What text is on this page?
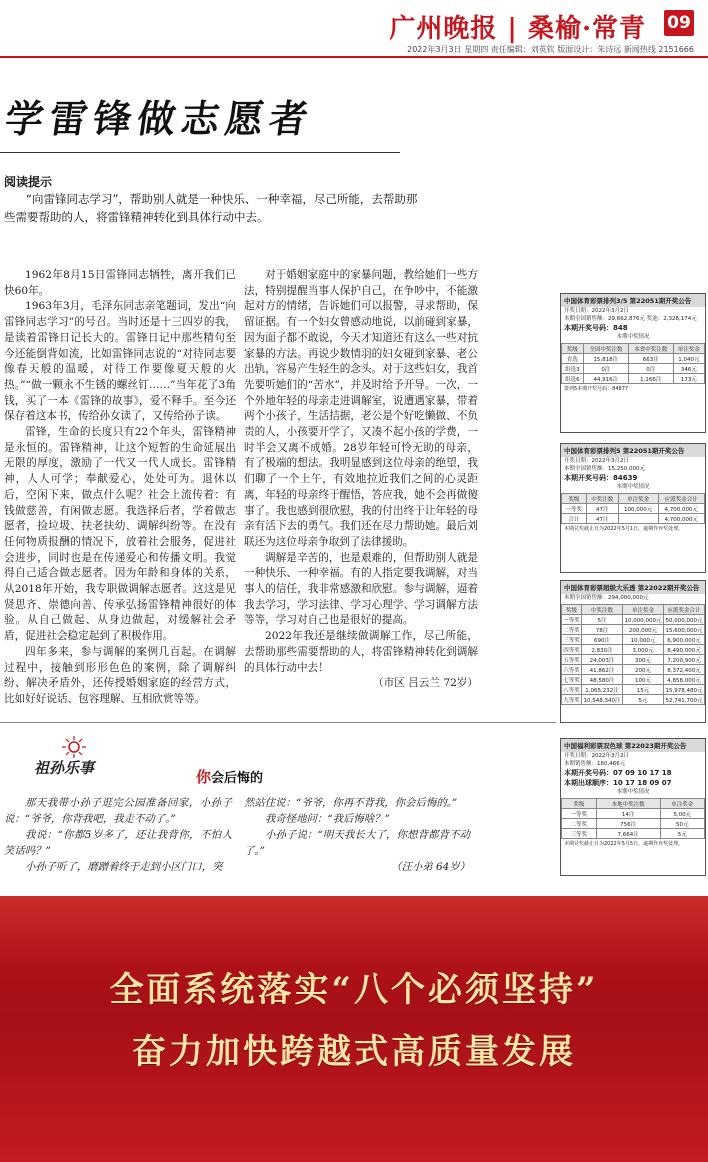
广州晚报 | 桑榆·常青 09
2022年3月3日 星期四 责任编辑：刘英钦 版面设计：朱诗远 新闻热线 2151666
学雷锋做志愿者
阅读提示
“向雷锋同志学习”，帮助别人就是一种快乐、一种幸福，尽己所能，去帮助那些需要帮助的人，将雷锋精神转化到具体行动中去。

1962年8月15日雷锋同志牺牲，离开我们已快60年。

1963年3月，毛泽东同志亲笔题词，发出“向雷锋同志学习”的号召。当时还是十三四岁的我，是读着雷锋日记长大的。雷锋日记中那些精句至今还能倒背如流，比如雷锋同志说的“对待同志要像春天般的温暖，对待工作要像夏天般的火热。”“做一颗永不生锈的螺丝钉……”当年花了3角钱，买了一本《雷锋的故事》，爱不释手。至今还保存着这本书，传给孙女读了，又传给孙子读。

雷锋，生命的长度只有22个年头，雷锋精神是永恒的。雷锋精神，让这个短暂的生命延展出无限的厚度，激励了一代又一代人成长。雷锋精神，人人可学；奉献爱心，处处可为。退休以后，空闲下来，做点什么呢？社会上流传着：有钱做慈善，有闲做志愿。我选择后者，学着做志愿者，捡垃圾、扶老扶幼、调解纠纷等。在没有任何物质报酬的情况下，放着社会服务，促进社会进步，同时也是在传递爱心和传播文明。我觉得自己适合做志愿者。因为年龄和身体的关系，从2018年开始，我专职做调解志愿者。这这是见贤思齐、崇德向善、传承弘扬雷锋精神很好的体验。从自己做起、从身边做起，对缓解社会矛盾，促进社会稳定起到了积极作用。

四年多来，参与调解的案例几百起。在调解过程中，接触到形形色色的案例，除了调解纠纷、解决矛盾外，还传授婚姻家庭的经营方式，比如好好说话、包容理解、互相欣赏等等。

对于婚姻家庭中的家暴问题，教给她们一些方法，特别提醒当事人保护自己，在争吵中，不能激起对方的情绪，告诉她们可以报警，寻求帮助，保留证据。有一个妇女曾感动地说，以前碰到家暴，因为面子都不敢说，今天才知道还有这么一些对抗家暴的方法。再说少数情羽的妇女碰到家暴、老公出轨，容易产生轻生的念头。对于这些妇女，我首先要听她们的“苦水”，并及时给予开导。一次，一个外地年轻的母亲走进调解室，说遭遇家暴，带着两个小孩子，生活拮据，老公是个好吃懒做、不负责的人，小孩要开学了，又凑不起小孩的学费，一时半会又离不成婚。28岁年轻可怜无助的母亲，有了极端的想法。我明显感到这位母亲的绝望，我们聊了一个上午，有效地拉近我们之间的心灵距离，年轻的母亲终于醒悟，答应我，她不会再做傻事了。我也感到很欣慰，我的付出终于让年轻的母亲有活下去的勇气。我们还在尽力帮助她。最后刘联还为这位母亲争取到了法律援助。

调解是辛苦的，也是艰难的，但帮助别人就是一种快乐、一种幸福。有的人指定要我调解，对当事人的信任，我非常感激和欣慰。参与调解，逼着我去学习，学习法律、学习心理学、学习调解方法等等，学习对自己也是很好的提高。

2022年我还是继续做调解工作，尽己所能，去帮助那些需要帮助的人，将雷锋精神转化到调解的具体行动中去！

（市区 吕云兰 72岁）

中国体育彩票排列3/5 第22051期开奖公告
开奖日期：2022年3月2日
本期全国销售额：29,662,876元 奖池：2,328,174元
本期开奖号码：848
本期中奖情况
奖级	全国中奖注数	本省中奖注数	单注奖金
直选	15,818注	663注	1,040元
组选3	0注	0注	346元
组选6	44,916注	1,166注	173元
排列5本期开奖号码：84877
中国体育彩票排列5 第22051期开奖公告
开奖日期：2022年3月2日
本期全国销售额：15,250,000元
本期开奖号码：84639
本期中奖情况
奖级	中奖注数	单注奖金	应派奖金合计
一等奖	47注	100,000元	4,700,000元
合计	47注		4,700,000元
本期兑奖截止日为2022年5月1日，逾期作弃奖处理。
中国体育彩票超级大乐透 第22022期开奖公告
本期全国销售额：294,000,000元
奖级	中奖注数	单注奖金	应派奖金合计
一等奖	5注	10,000,000元	50,000,000元
二等奖	78注	200,000元	15,600,000元
三等奖	690注	10,000元	6,900,000元
四等奖	2,830注	3,000元	8,490,000元
五等奖	24,003注	300元	7,200,900元
六等奖	41,862注	200元	8,372,400元
七等奖	48,580注	100元	4,858,000元
八等奖	1,065,232注	15元	15,978,480元
九等奖	10,548,340注	5元	52,741,700元
中国福利彩票双色球 第22023期开奖公告
开奖日期：2022年3月2日
本期销售额：160,466元
本期开奖号码：07 09 10 17 18
本期出球顺序：10 17 18 09 07
本期中奖情况
奖级	本地中奖注数	单注奖金
一等奖	14注	5,00元
二等奖	756注	50元
三等奖	7,664注	5元
本期兑奖截止日为2022年5月5日，逾期作弃奖处理。
祖孙乐事	你会后悔的

那天我带小孙子逛完公园准备回家，小孙子说：“爷爷，你背我吧，我走不动了。”

我说：“你都5岁多了，还让我背你，不怕人笑话吗？”

小孙子听了，磨蹭着终于走到小区门口，突

然站住说：“爷爷，你再不背我，你会后悔的。”

我奇怪地问：“我后悔啥？”

小孙子说：“明天我长大了，你想背都背不动了。”

（汪小弟 64岁）

全面系统落实“八个必须坚持”
奋力加快跨越式高质量发展
